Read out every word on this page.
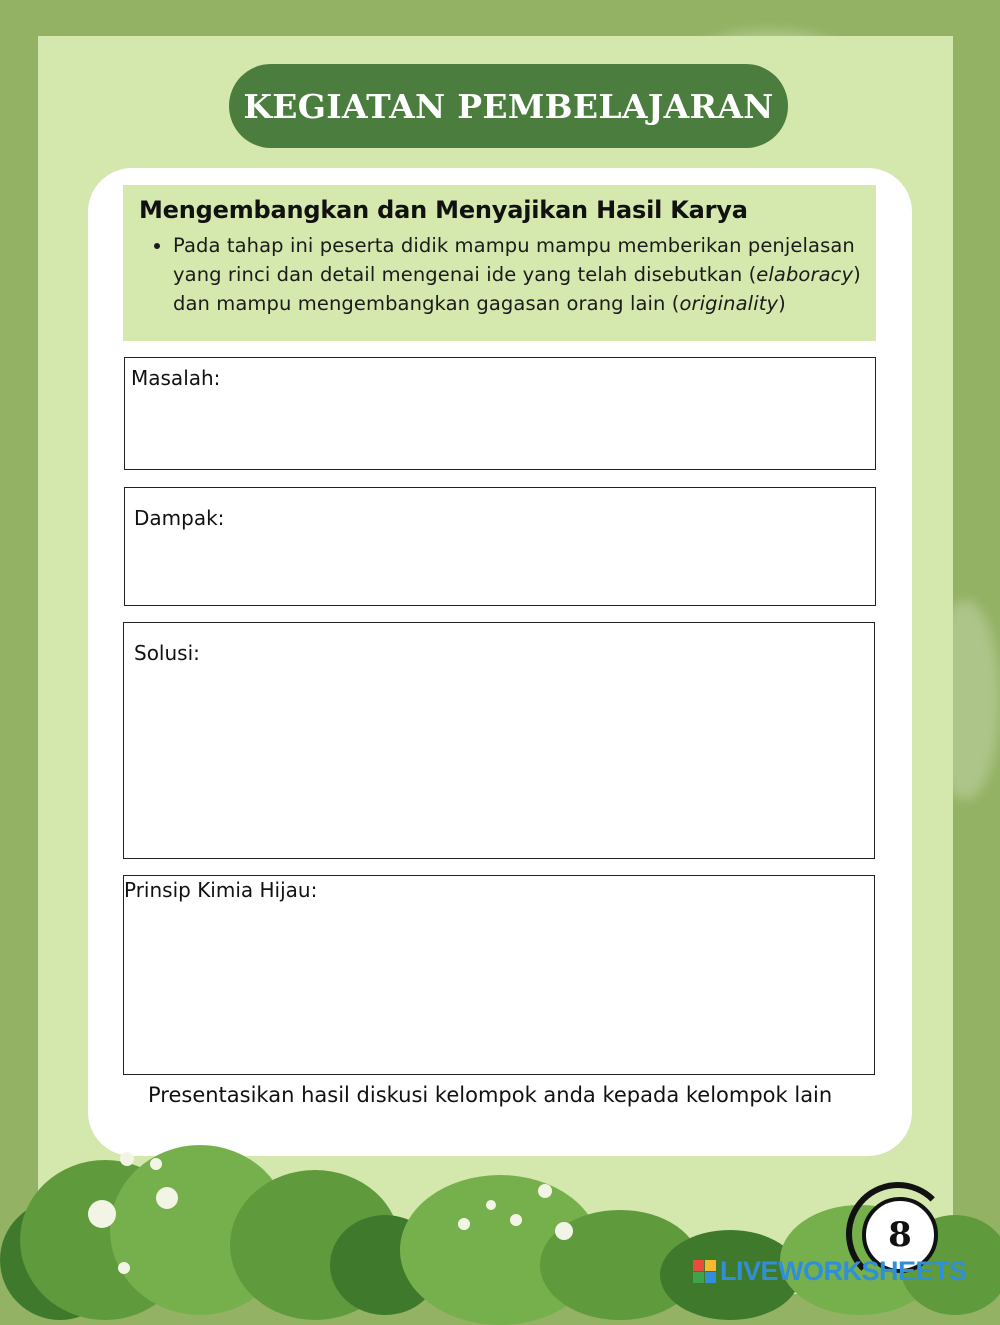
KEGIATAN PEMBELAJARAN
Mengembangkan dan Menyajikan Hasil Karya
• Pada tahap ini peserta didik mampu mampu memberikan penjelasan yang rinci dan detail mengenai ide yang telah disebutkan (elaboracy) dan mampu mengembangkan gagasan orang lain (originality)
Masalah:
Dampak:
Solusi:
Prinsip Kimia Hijau:
Presentasikan hasil diskusi kelompok anda kepada kelompok lain
8
LIVEWORKSHEETS
